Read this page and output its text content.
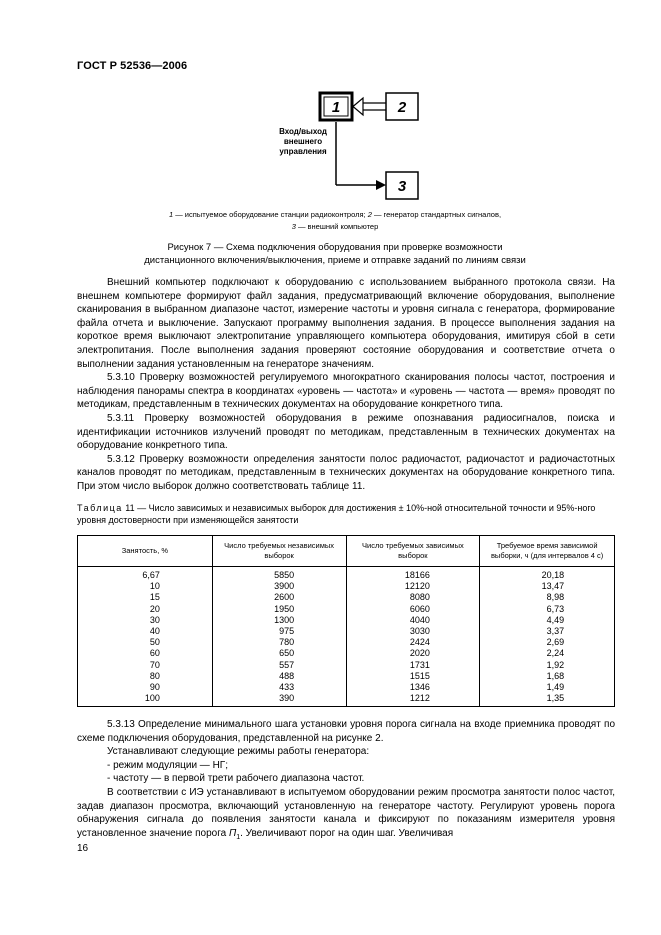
ГОСТ Р 52536—2006
1	2
3
Вход/выход
внешнего
управления
1 — испытуемое оборудование станции радиоконтроля; 2 — генератор стандартных сигналов,
3 — внешний компьютер
Рисунок 7 — Схема подключения оборудования при проверке возможности
дистанционного включения/выключения, приеме и отправке заданий по линиям связи

Внешний компьютер подключают к оборудованию с использованием выбранного протокола связи. На внешнем компьютере формируют файл задания, предусматривающий включение оборудования, выполнение сканирования в выбранном диапазоне частот, измерение частоты и уровня сигнала с генератора, формирование файла отчета и выключение. Запускают программу выполнения задания. В процессе выполнения задания на короткое время выключают электропитание управляющего компьютера оборудования, имитируя сбой в сети электропитания. После выполнения задания проверяют состояние оборудования и соответствие отчета о выполнении задания установленным на генераторе значениям.

5.3.10 Проверку возможностей регулируемого многократного сканирования полосы частот, построения и наблюдения панорамы спектра в координатах «уровень — частота» и «уровень — частота — время» проводят по методикам, представленным в технических документах на оборудование конкретного типа.

5.3.11 Проверку возможностей оборудования в режиме опознавания радиосигналов, поиска и идентификации источников излучений проводят по методикам, представленным в технических документах на оборудование конкретного типа.

5.3.12 Проверку возможности определения занятости полос радиочастот, радиочастот и радиочастотных каналов проводят по методикам, представленным в технических документах на оборудование конкретного типа. При этом число выборок должно соответствовать таблице 11.

Таблица 11 — Число зависимых и независимых выборок для достижения ± 10%-ной относительной точности и 95%-ного уровня достоверности при изменяющейся занятости
Занятость, %	Число требуемых независимых выборок	Число требуемых зависимых выборок	Требуемое время зависимой выборки, ч (для интервалов 4 с)
6,67	5850	18166	20,18
10	3900	12120	13,47
15	2600	8080	8,98
20	1950	6060	6,73
30	1300	4040	4,49
40	975	3030	3,37
50	780	2424	2,69
60	650	2020	2,24
70	557	1731	1,92
80	488	1515	1,68
90	433	1346	1,49
100	390	1212	1,35

5.3.13 Определение минимального шага установки уровня порога сигнала на входе приемника проводят по схеме подключения оборудования, представленной на рисунке 2.

Устанавливают следующие режимы работы генератора:

- режим модуляции — НГ;

- частоту — в первой трети рабочего диапазона частот.

В соответствии с ИЭ устанавливают в испытуемом оборудовании режим просмотра занятости полос частот, задав диапазон просмотра, включающий установленную на генераторе частоту. Регулируют уровень порога обнаружения сигнала до появления занятости канала и фиксируют по показаниям измерителя уровня установленное значение порога $П_1$. Увеличивают порог на один шаг. Увеличивая

16
